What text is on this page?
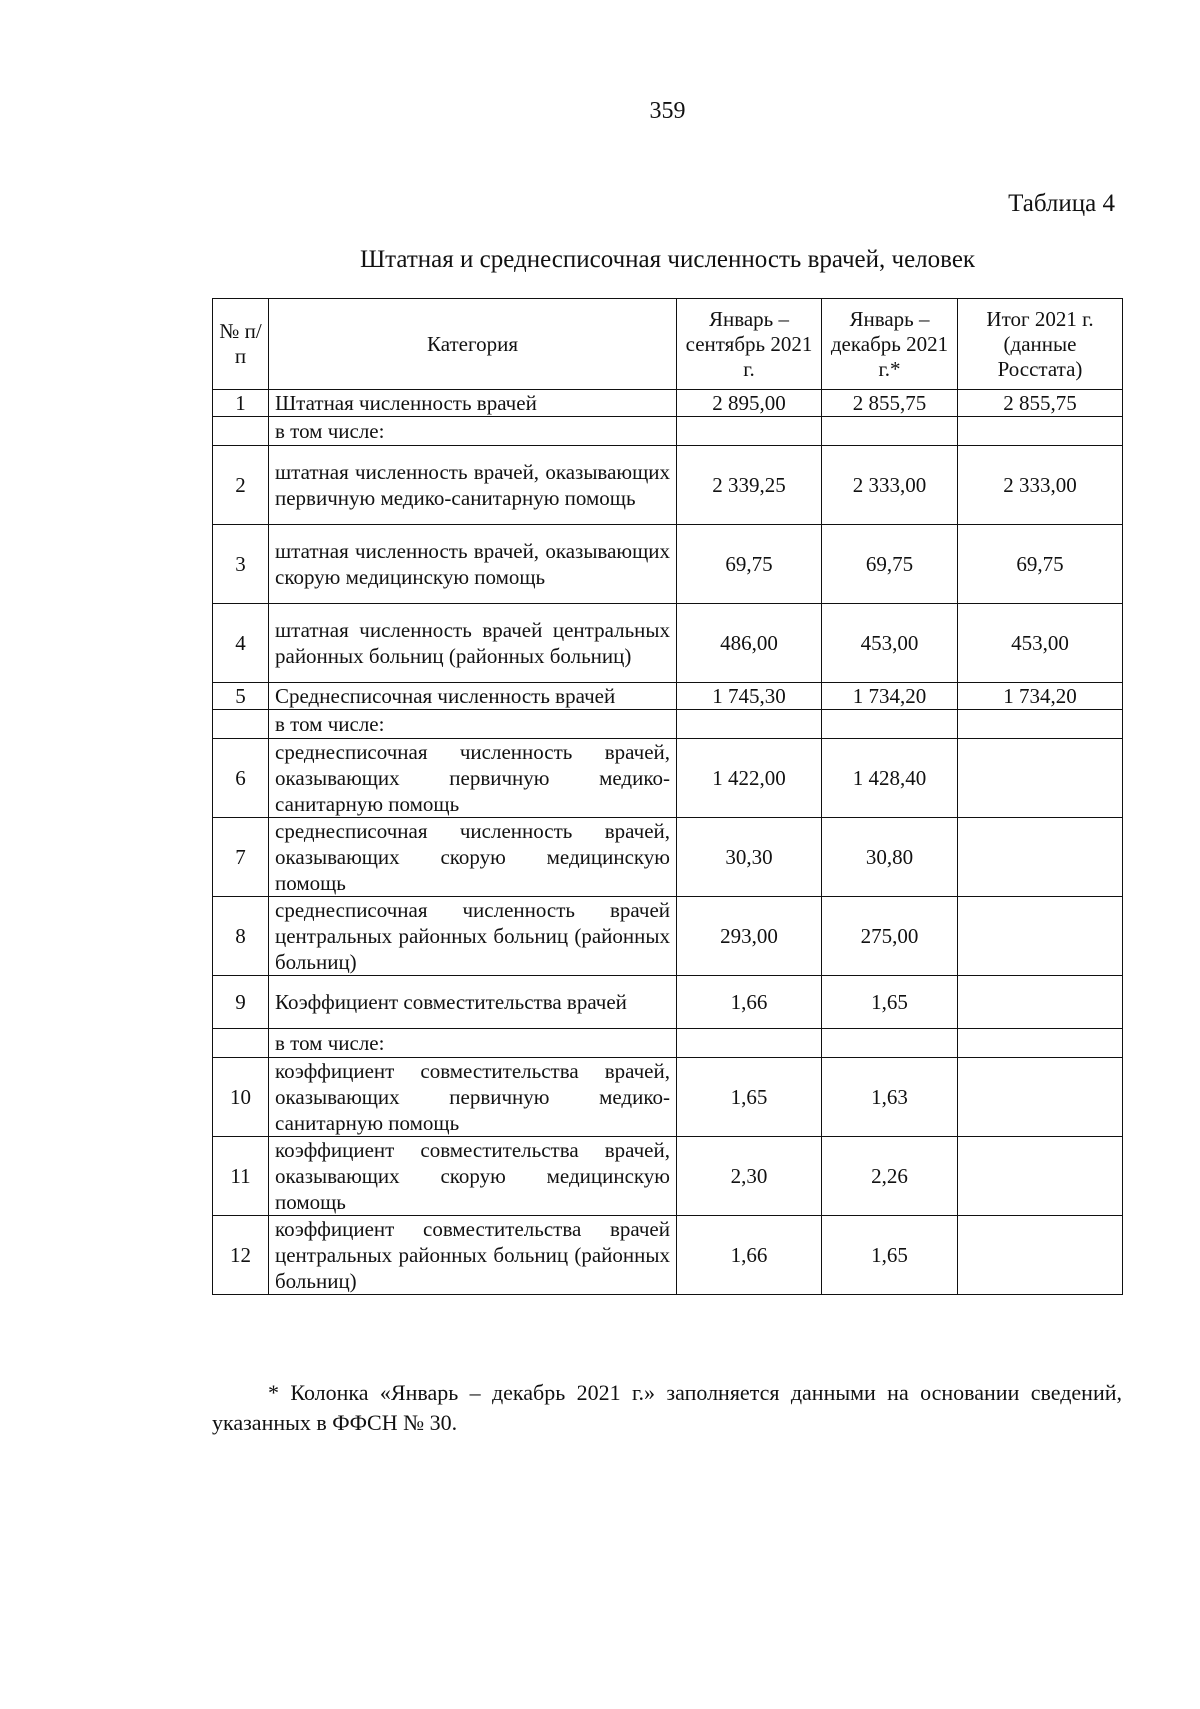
359
Таблица 4
Штатная и среднесписочная численность врачей, человек
№ п/п	Категория	Январь – сентябрь 2021 г.	Январь – декабрь 2021 г.*	Итог 2021 г. (данные Росстата)
1	Штатная численность врачей	2 895,00	2 855,75	2 855,75
	в том числе:			
2	штатная численность врачей, оказывающих первичную медико-санитарную помощь	2 339,25	2 333,00	2 333,00
3	штатная численность врачей, оказывающих скорую медицинскую помощь	69,75	69,75	69,75
4	штатная численность врачей центральных районных больниц (районных больниц)	486,00	453,00	453,00
5	Среднесписочная численность врачей	1 745,30	1 734,20	1 734,20
	в том числе:			
6	среднесписочная численность врачей, оказывающих первичную медико-санитарную помощь	1 422,00	1 428,40	
7	среднесписочная численность врачей, оказывающих скорую медицинскую помощь	30,30	30,80	
8	среднесписочная численность врачей центральных районных больниц (районных больниц)	293,00	275,00	
9	Коэффициент совместительства врачей	1,66	1,65	
	в том числе:			
10	коэффициент совместительства врачей, оказывающих первичную медико-санитарную помощь	1,65	1,63	
11	коэффициент совместительства врачей, оказывающих скорую медицинскую помощь	2,30	2,26	
12	коэффициент совместительства врачей центральных районных больниц (районных больниц)	1,66	1,65	
* Колонка «Январь – декабрь 2021 г.» заполняется данными на основании сведений, указанных в ФФСН № 30.
